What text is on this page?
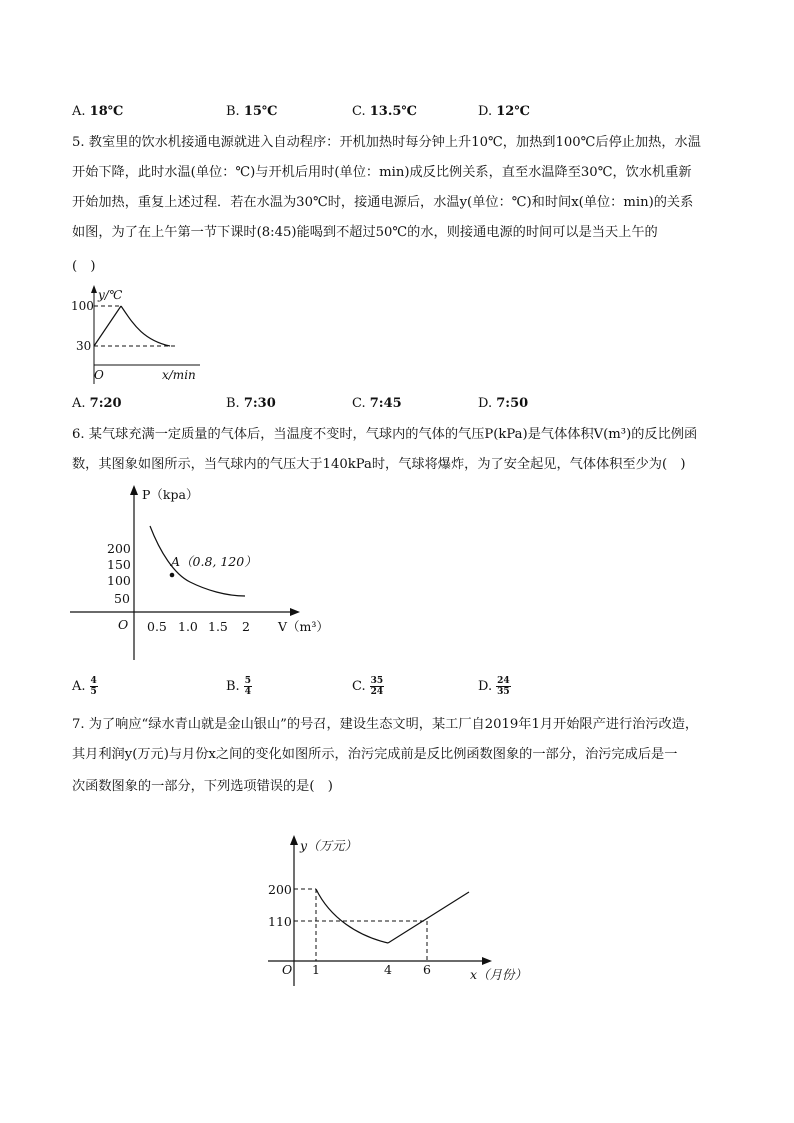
A. 18℃	B. 15℃	C. 13.5℃	D. 12℃
5. 教室里的饮水机接通电源就进入自动程序：开机加热时每分钟上升10℃，加热到100℃后停止加热，水温
开始下降，此时水温(单位：℃)与开机后用时(单位：min)成反比例关系，直至水温降至30℃，饮水机重新
开始加热，重复上述过程．若在水温为30℃时，接通电源后，水温y(单位：℃)和时间x(单位：min)的关系
如图，为了在上午第一节下课时(8:45)能喝到不超过50℃的水，则接通电源的时间可以是当天上午的
(　)
y/℃
100
30
O	x/min
A. 7:20	B. 7:30	C. 7:45	D. 7:50
6. 某气球充满一定质量的气体后，当温度不变时，气球内的气体的气压P(kPa)是气体体积V(m³)的反比例函
数，其图象如图所示，当气球内的气压大于140kPa时，气球将爆炸，为了安全起见，气体体积至少为(　)
A（0.8, 120）
P（kpa）
200
150
100
50
O 0.5 1.0 1.5 2 V（m³）
A. $\frac{4}{5}$	B. $\frac{5}{4}$	C. $\frac{35}{24}$	D. $\frac{24}{35}$
7. 为了响应“绿水青山就是金山银山”的号召，建设生态文明，某工厂自2019年1月开始限产进行治污改造，
其月利润y(万元)与月份x之间的变化如图所示，治污完成前是反比例函数图象的一部分，治污完成后是一
次函数图象的一部分，下列选项错误的是(　)
y（万元）
200
110
O 1	4 6	x（月份）
